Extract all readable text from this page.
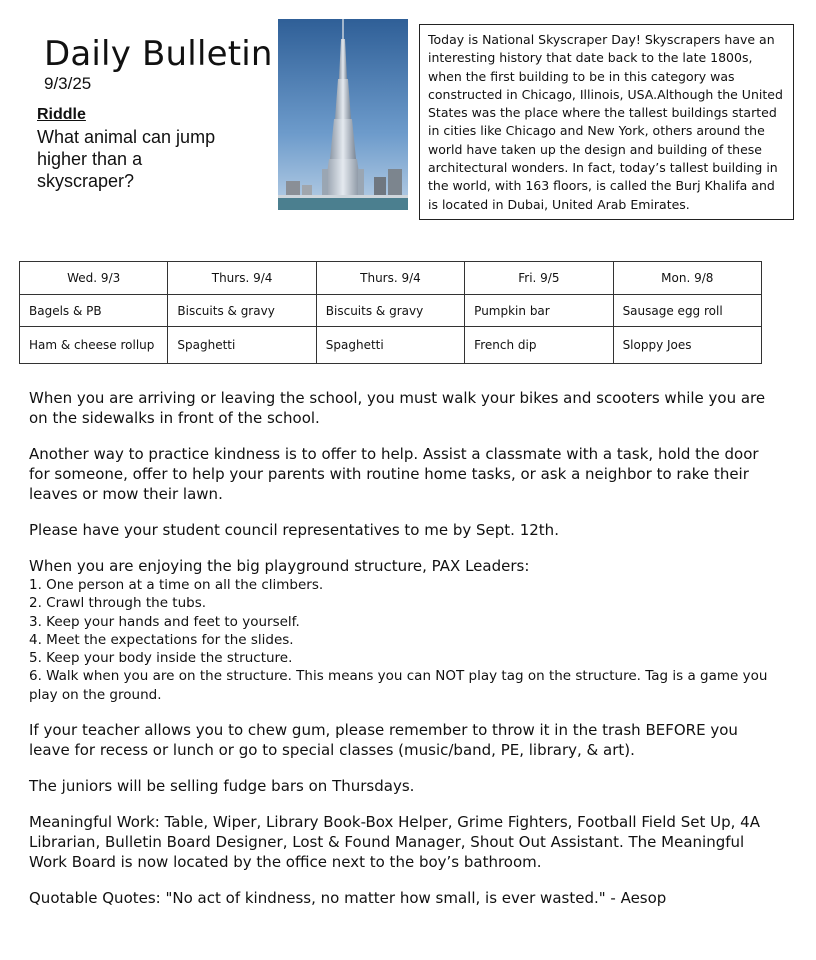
Daily Bulletin
9/3/25
Riddle
What animal can jump higher than a skyscraper?
Today is National Skyscraper Day! Skyscrapers have an interesting history that date back to the late 1800s, when the first building to be in this category was constructed in Chicago, Illinois, USA.Although the United States was the place where the tallest buildings started in cities like Chicago and New York, others around the world have taken up the design and building of these architectural wonders. In fact, today’s tallest building in the world, with 163 floors, is called the Burj Khalifa and is located in Dubai, United Arab Emirates.
Wed. 9/3	Thurs. 9/4	Thurs. 9/4	Fri. 9/5	Mon. 9/8
Bagels & PB	Biscuits & gravy	Biscuits & gravy	Pumpkin bar	Sausage egg roll
Ham & cheese rollup	Spaghetti	Spaghetti	French dip	Sloppy Joes

When you are arriving or leaving the school, you must walk your bikes and scooters while you are on the sidewalks in front of the school.

Another way to practice kindness is to offer to help. Assist a classmate with a task, hold the door for someone, offer to help your parents with routine home tasks, or ask a neighbor to rake their leaves or mow their lawn.

Please have your student council representatives to me by Sept. 12th.

When you are enjoying the big playground structure, PAX Leaders:
1. One person at a time on all the climbers.
2. Crawl through the tubs.
3. Keep your hands and feet to yourself.
4. Meet the expectations for the slides.
5. Keep your body inside the structure.
6. Walk when you are on the structure. This means you can NOT play tag on the structure. Tag is a game you play on the ground.

If your teacher allows you to chew gum, please remember to throw it in the trash BEFORE you leave for recess or lunch or go to special classes (music/band, PE, library, & art).

The juniors will be selling fudge bars on Thursdays.

Meaningful Work: Table, Wiper, Library Book-Box Helper, Grime Fighters, Football Field Set Up, 4A Librarian, Bulletin Board Designer, Lost & Found Manager, Shout Out Assistant. The Meaningful Work Board is now located by the office next to the boy’s bathroom.

Quotable Quotes: "No act of kindness, no matter how small, is ever wasted." - Aesop
